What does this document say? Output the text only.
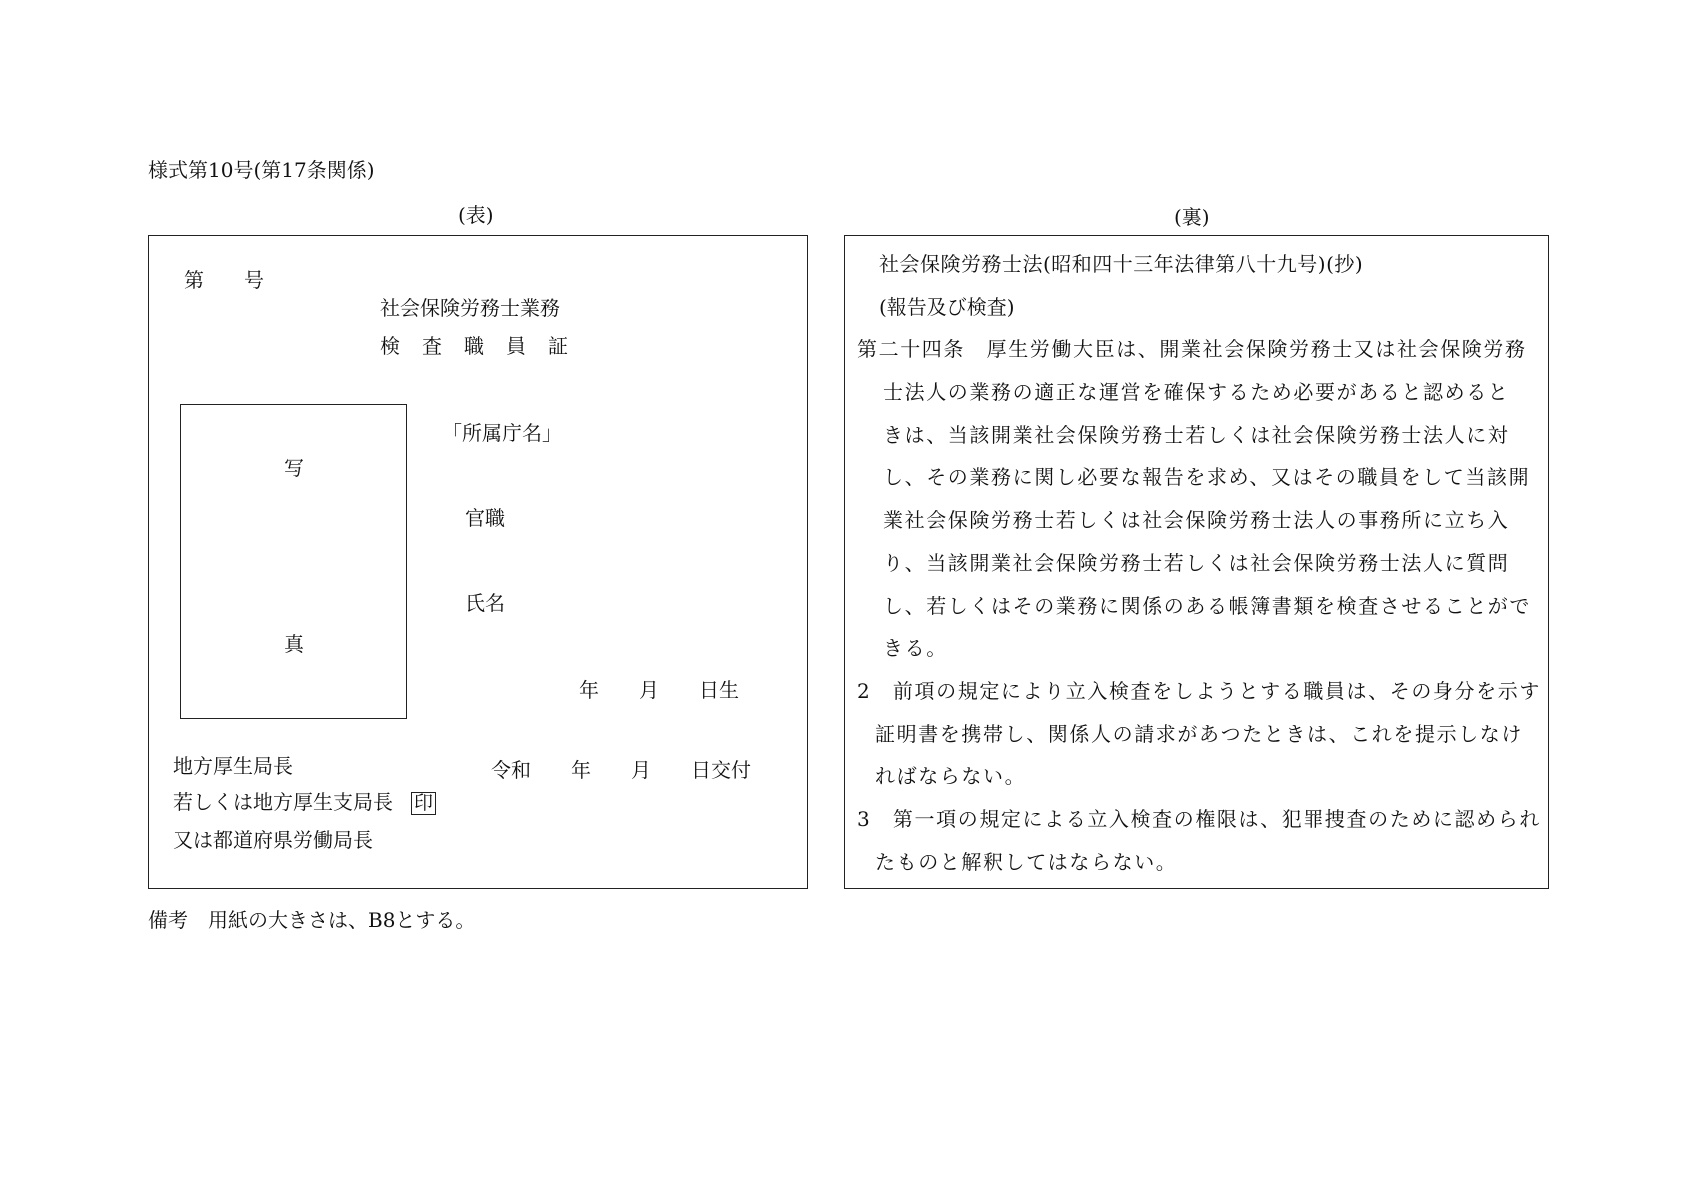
様式第10号(第17条関係)
(表)	(裏)
第　　号
社会保険労務士業務
検査職員証
写
真
「所属庁名」
官職
氏名
年　　月　　日生
地方厚生局長
若しくは地方厚生支局長 印
又は都道府県労働局長
令和　　年　　月　　日交付
社会保険労務士法(昭和四十三年法律第八十九号)(抄)
(報告及び検査)
第二十四条　厚生労働大臣は、開業社会保険労務士又は社会保険労務
士法人の業務の適正な運営を確保するため必要があると認めると
きは、当該開業社会保険労務士若しくは社会保険労務士法人に対
し、その業務に関し必要な報告を求め、又はその職員をして当該開
業社会保険労務士若しくは社会保険労務士法人の事務所に立ち入
り、当該開業社会保険労務士若しくは社会保険労務士法人に質問
し、若しくはその業務に関係のある帳簿書類を検査させることがで
きる。
2　前項の規定により立入検査をしようとする職員は、その身分を示す
証明書を携帯し、関係人の請求があつたときは、これを提示しなけ
ればならない。
3　第一項の規定による立入検査の権限は、犯罪捜査のために認められ
たものと解釈してはならない。
備考　用紙の大きさは、B8とする。
